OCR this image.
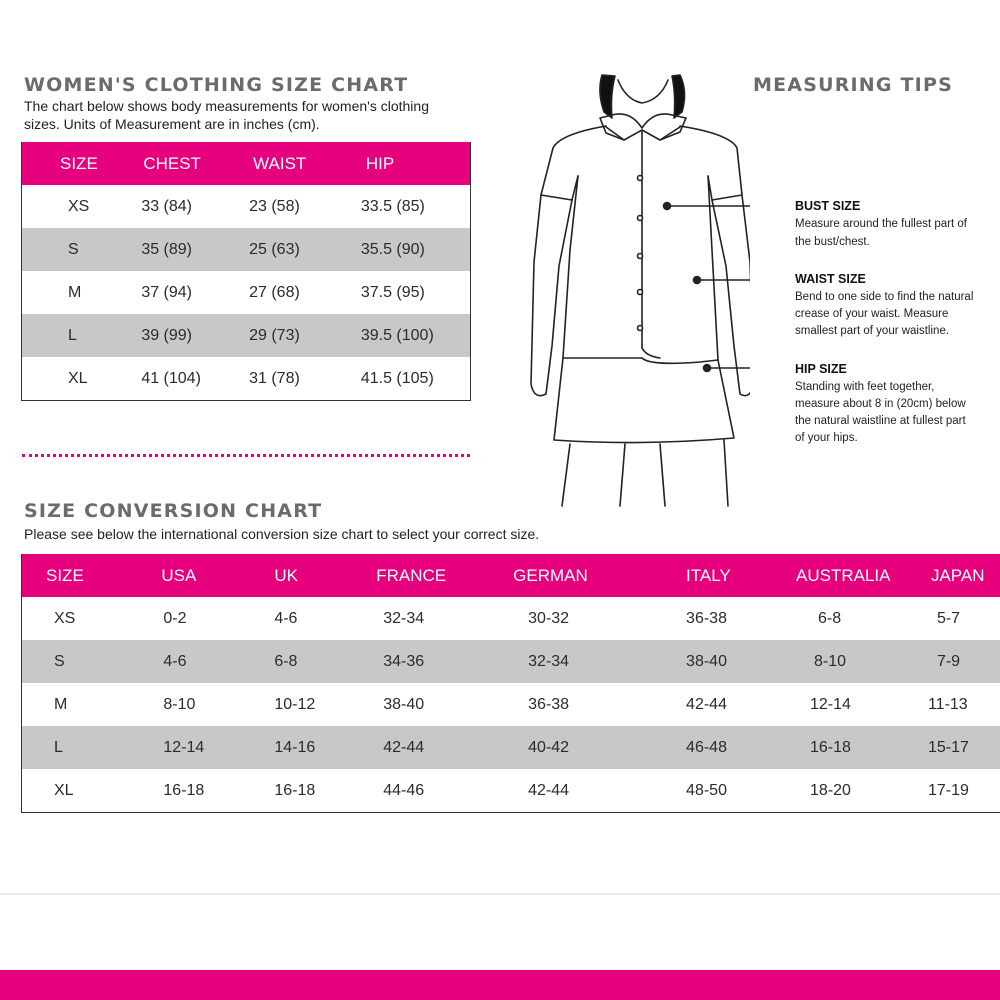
WOMEN'S CLOTHING SIZE CHART
The chart below shows body measurements for women's clothing
sizes. Units of Measurement are in inches (cm).
SIZE	CHEST	WAIST	HIP
XS	33 (84)	23 (58)	33.5 (85)
S	35 (89)	25 (63)	35.5 (90)
M	37 (94)	27 (68)	37.5 (95)
L	39 (99)	29 (73)	39.5 (100)
XL	41 (104)	31 (78)	41.5 (105)
MEASURING TIPS
BUST SIZE
Measure around the fullest part of
the bust/chest.
WAIST SIZE
Bend to one side to find the natural
crease of your waist. Measure
smallest part of your waistline.
HIP SIZE
Standing with feet together,
measure about 8 in (20cm) below
the natural waistline at fullest part
of your hips.
SIZE CONVERSION CHART
Please see below the international conversion size chart to select your correct size.
SIZE	USA	UK	FRANCE	GERMAN	ITALY	AUSTRALIA	JAPAN
XS	0-2	4-6	32-34	30-32	36-38	6-8	5-7
S	4-6	6-8	34-36	32-34	38-40	8-10	7-9
M	8-10	10-12	38-40	36-38	42-44	12-14	11-13
L	12-14	14-16	42-44	40-42	46-48	16-18	15-17
XL	16-18	16-18	44-46	42-44	48-50	18-20	17-19
